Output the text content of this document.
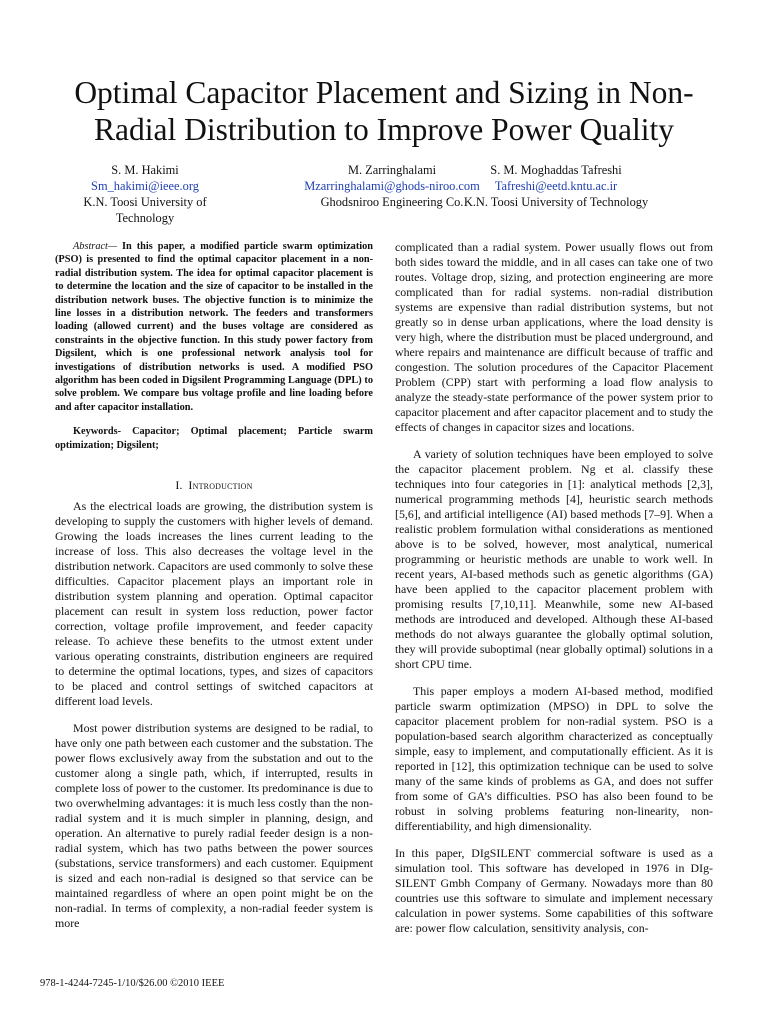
Optimal Capacitor Placement and Sizing in Non-Radial Distribution to Improve Power Quality
S. M. Hakimi
Sm_hakimi@ieee.org
K.N. Toosi University of Technology
M. Zarringhalami
Mzarringhalami@ghods-niroo.com
Ghodsniroo Engineering Co.
S. M. Moghaddas Tafreshi
Tafreshi@eetd.kntu.ac.ir
K.N. Toosi University of Technology

Abstract— In this paper, a modified particle swarm optimization (PSO) is presented to find the optimal capacitor placement in a non-radial distribution system. The idea for optimal capacitor placement is to determine the location and the size of capacitor to be installed in the distribution network buses. The objective function is to minimize the line losses in a distribution network. The feeders and transformers loading (allowed current) and the buses voltage are considered as constraints in the objective function. In this study power factory from Digsilent, which is one professional network analysis tool for investigations of distribution networks is used. A modified PSO algorithm has been coded in Digsilent Programming Language (DPL) to solve problem. We compare bus voltage profile and line loading before and after capacitor installation.

Keywords- Capacitor; Optimal placement; Particle swarm optimization; Digsilent;

I. Introduction

As the electrical loads are growing, the distribution system is developing to supply the customers with higher levels of demand. Growing the loads increases the lines current leading to the increase of loss. This also decreases the voltage level in the distribution network. Capacitors are used commonly to solve these difficulties. Capacitor placement plays an important role in distribution system planning and operation. Optimal capacitor placement can result in system loss reduction, power factor correction, voltage profile improvement, and feeder capacity release. To achieve these benefits to the utmost extent under various operating constraints, distribution engineers are required to determine the optimal locations, types, and sizes of capacitors to be placed and control settings of switched capacitors at different load levels.

Most power distribution systems are designed to be radial, to have only one path between each customer and the substation. The power flows exclusively away from the substation and out to the customer along a single path, which, if interrupted, results in complete loss of power to the customer. Its predominance is due to two overwhelming advantages: it is much less costly than the non-radial system and it is much simpler in planning, design, and operation. An alternative to purely radial feeder design is a non-radial system, which has two paths between the power sources (substations, service transformers) and each customer. Equipment is sized and each non-radial is designed so that service can be maintained regardless of where an open point might be on the non-radial. In terms of complexity, a non-radial feeder system is more

complicated than a radial system. Power usually flows out from both sides toward the middle, and in all cases can take one of two routes. Voltage drop, sizing, and protection engineering are more complicated than for radial systems. non-radial distribution systems are expensive than radial distribution systems, but not greatly so in dense urban applications, where the load density is very high, where the distribution must be placed underground, and where repairs and maintenance are difficult because of traffic and congestion. The solution procedures of the Capacitor Placement Problem (CPP) start with performing a load flow analysis to analyze the steady-state performance of the power system prior to capacitor placement and after capacitor placement and to study the effects of changes in capacitor sizes and locations.

A variety of solution techniques have been employed to solve the capacitor placement problem. Ng et al. classify these techniques into four categories in [1]: analytical methods [2,3], numerical programming methods [4], heuristic search methods [5,6], and artificial intelligence (AI) based methods [7–9]. When a realistic problem formulation withal considerations as mentioned above is to be solved, however, most analytical, numerical programming or heuristic methods are unable to work well. In recent years, AI-based methods such as genetic algorithms (GA) have been applied to the capacitor placement problem with promising results [7,10,11]. Meanwhile, some new AI-based methods are introduced and developed. Although these AI-based methods do not always guarantee the globally optimal solution, they will provide suboptimal (near globally optimal) solutions in a short CPU time.

This paper employs a modern AI-based method, modified particle swarm optimization (MPSO) in DPL to solve the capacitor placement problem for non-radial system. PSO is a population-based search algorithm characterized as conceptually simple, easy to implement, and computationally efficient. As it is reported in [12], this optimization technique can be used to solve many of the same kinds of problems as GA, and does not suffer from some of GA’s difficulties. PSO has also been found to be robust in solving problems featuring non-linearity, non-differentiability, and high dimensionality.

In this paper, DIgSILENT commercial software is used as a simulation tool. This software has developed in 1976 in DIg-SILENT Gmbh Company of Germany. Nowadays more than 80 countries use this software to simulate and implement necessary calculation in power systems. Some capabilities of this software are: power flow calculation, sensitivity analysis, con-

978-1-4244-7245-1/10/$26.00 ©2010 IEEE
